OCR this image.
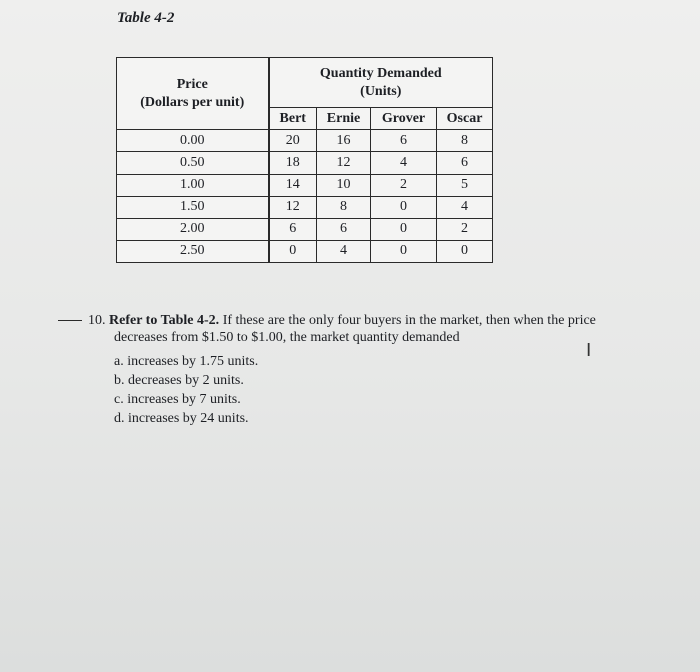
Table 4-2
Price
(Dollars per unit)	Quantity Demanded
(Units)			
	Bert	Ernie	Grover	Oscar
0.00	20	16	6	8
0.50	18	12	4	6
1.00	14	10	2	5
1.50	12	8	0	4
2.00	6	6	0	2
2.50	0	4	0	0
10. Refer to Table 4-2. If these are the only four buyers in the market, then when the price
decreases from $1.50 to $1.00, the market quantity demanded
I
a. increases by 1.75 units.
b. decreases by 2 units.
c. increases by 7 units.
d. increases by 24 units.
